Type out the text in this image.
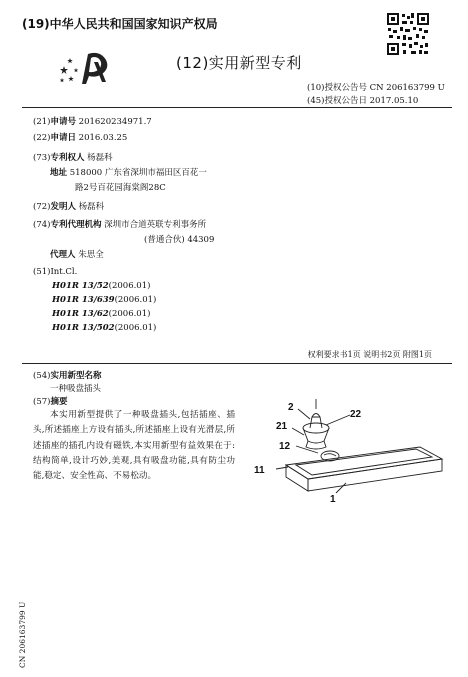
(19)中华人民共和国国家知识产权局
(12)实用新型专利
(10)授权公告号 CN 206163799 U
(45)授权公告日 2017.05.10
(21)申请号 201620234971.7
(22)申请日 2016.03.25
(73)专利权人 杨磊科
地址 518000 广东省深圳市福田区百花一
路2号百花园海棠阁28C
(72)发明人 杨磊科
(74)专利代理机构 深圳市合道英联专利事务所
(普通合伙) 44309
代理人 朱思全
(51)Int.Cl.
H01R 13/52(2006.01)
H01R 13/639(2006.01)
H01R 13/62(2006.01)
H01R 13/502(2006.01)
权利要求书1页 说明书2页 附图1页
(54)实用新型名称
一种吸盘插头
(57)摘要

本实用新型提供了一种吸盘插头,包括插座、插头,所述插座上方设有插头,所述插座上设有光滑层,所述插座的插孔内设有磁铁,本实用新型有益效果在于:结构简单,设计巧妙,美观,具有吸盘功能,具有防尘功能,稳定、安全性高、不易松动。

2
22
21
12
11
1
CN 206163799 U
